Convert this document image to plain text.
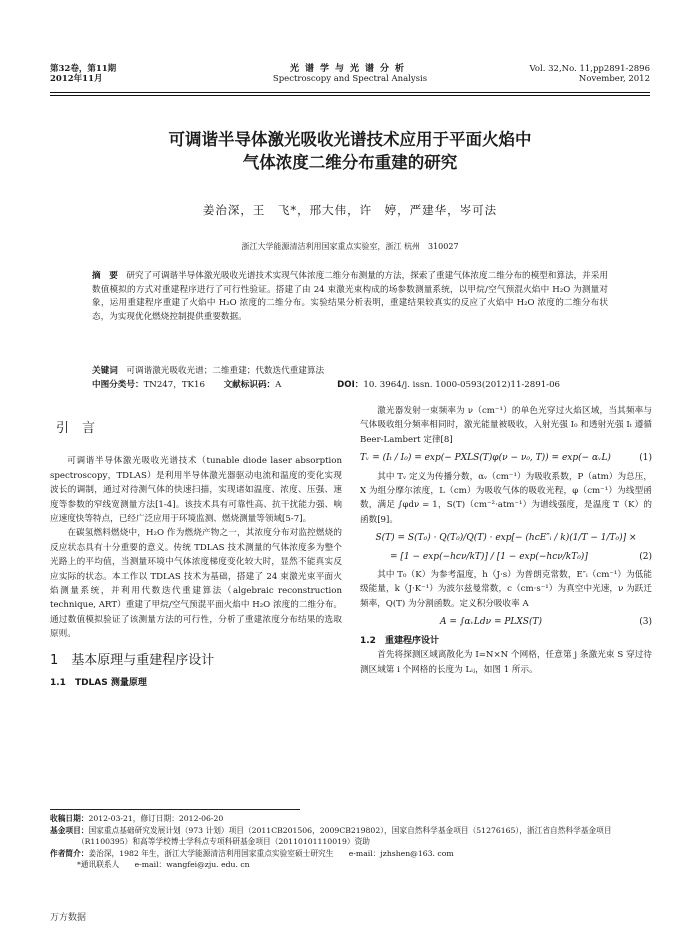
第32卷，第11期
2012年11月
光谱学与光谱分析
Spectroscopy and Spectral Analysis
Vol. 32,No. 11,pp2891-2896
November, 2012
可调谐半导体激光吸收光谱技术应用于平面火焰中
气体浓度二维分布重建的研究
姜治深，王　飞*，邢大伟，许　婷，严建华，岑可法
浙江大学能源清洁利用国家重点实验室，浙江 杭州　310027
摘　要　 研究了可调谐半导体激光吸收光谱技术实现气体浓度二维分布测量的方法，探索了重建气体浓度二维分布的模型和算法，并采用数值模拟的方式对重建程序进行了可行性验证。搭建了由 24 束激光束构成的场参数测量系统，以甲烷/空气预混火焰中 H₂O 为测量对象，运用重建程序重建了火焰中 H₂O 浓度的二维分布。实验结果分析表明，重建结果较真实的反应了火焰中 H₂O 浓度的二维分布状态，为实现优化燃烧控制提供重要数据。
关键词　 可调谐激光吸收光谱；二维重建；代数迭代重建算法
中图分类号：TN247，TK16 文献标识码：A	DOI：10. 3964/j. issn. 1000-0593(2012)11-2891-06
引　言

可调谐半导体激光吸收光谱技术（tunable diode laser absorption spectroscopy，TDLAS）是利用半导体激光器驱动电流和温度的变化实现波长的调制，通过对待测气体的快速扫描，实现诸如温度、浓度、压强、速度等参数的窄线宽测量方法[1-4]。该技术具有可靠性高、抗干扰能力强、响应速度快等特点，已经广泛应用于环境监测、燃烧测量等领域[5-7]。

在碳氢燃料燃烧中，H₂O 作为燃烧产物之一，其浓度分布对监控燃烧的反应状态具有十分重要的意义。传统 TDLAS 技术测量的气体浓度多为整个光路上的平均值，当测量环境中气体浓度梯度变化较大时，显然不能真实反应实际的状态。本工作以 TDLAS 技术为基础，搭建了 24 束激光束平面火焰测量系统，并利用代数迭代重建算法（algebraic reconstruction technique, ART）重建了甲烷/空气预混平面火焰中 H₂O 浓度的二维分布。通过数值模拟验证了该测量方法的可行性，分析了重建浓度分布结果的选取原则。

1　基本原理与重建程序设计
1.1　TDLAS 测量原理

激光器发射一束频率为 ν（cm⁻¹）的单色光穿过火焰区域，当其频率与气体吸收组分频率相同时，激光能量被吸收，入射光强 I₀ 和透射光强 Iₜ 遵循 Beer-Lambert 定律[8]

Tᵥ = (Iₜ / I₀) = exp(− PXLS(T)φ(ν − ν₀, T)) = exp(− αᵥL)	(1)

其中 Tᵥ 定义为传播分数，αᵥ（cm⁻¹）为吸收系数，P（atm）为总压，X 为组分摩尔浓度，L（cm）为吸收气体的吸收光程，φ（cm⁻¹）为线型函数，满足 ∫φdν = 1，S(T)（cm⁻²·atm⁻¹）为谱线强度，是温度 T（K）的函数[9]。

S(T) = S(T₀) · Q(T₀)/Q(T) · exp[− (hcE″ᵢ / k)(1/T − 1/T₀)] ×
= [1 − exp(−hcν/kT)] / [1 − exp(−hcν/kT₀)]	(2)

其中 T₀（K）为参考温度，h（J·s）为普朗克常数，E″ᵢ（cm⁻¹）为低能级能量，k（J·K⁻¹）为波尔兹曼常数，c（cm·s⁻¹）为真空中光速，ν 为跃迁频率，Q(T) 为分割函数。定义积分吸收率 A

A = ∫αᵥLdν = PLXS(T)	(3)
1.2　重建程序设计

首先将探测区域离散化为 I=N×N 个网格，任意第 j 条激光束 S 穿过待测区域第 i 个网格的长度为 Lᵢⱼ，如图 1 所示。

收稿日期：2012-03-21，修订日期：2012-06-20
基金项目：国家重点基础研究发展计划（973 计划）项目（2011CB201506，2009CB219802），国家自然科学基金项目（51276165），浙江省自然科学基金项目（R1100395）和高等学校博士学科点专项科研基金项目（20110101110019）资助
作者简介：姜治深，1982 年生，浙江大学能源清洁利用国家重点实验室硕士研究生　　e-mail：jzhshen@163. com
*通讯联系人　　e-mail：wangfei@zju. edu. cn
万方数据
